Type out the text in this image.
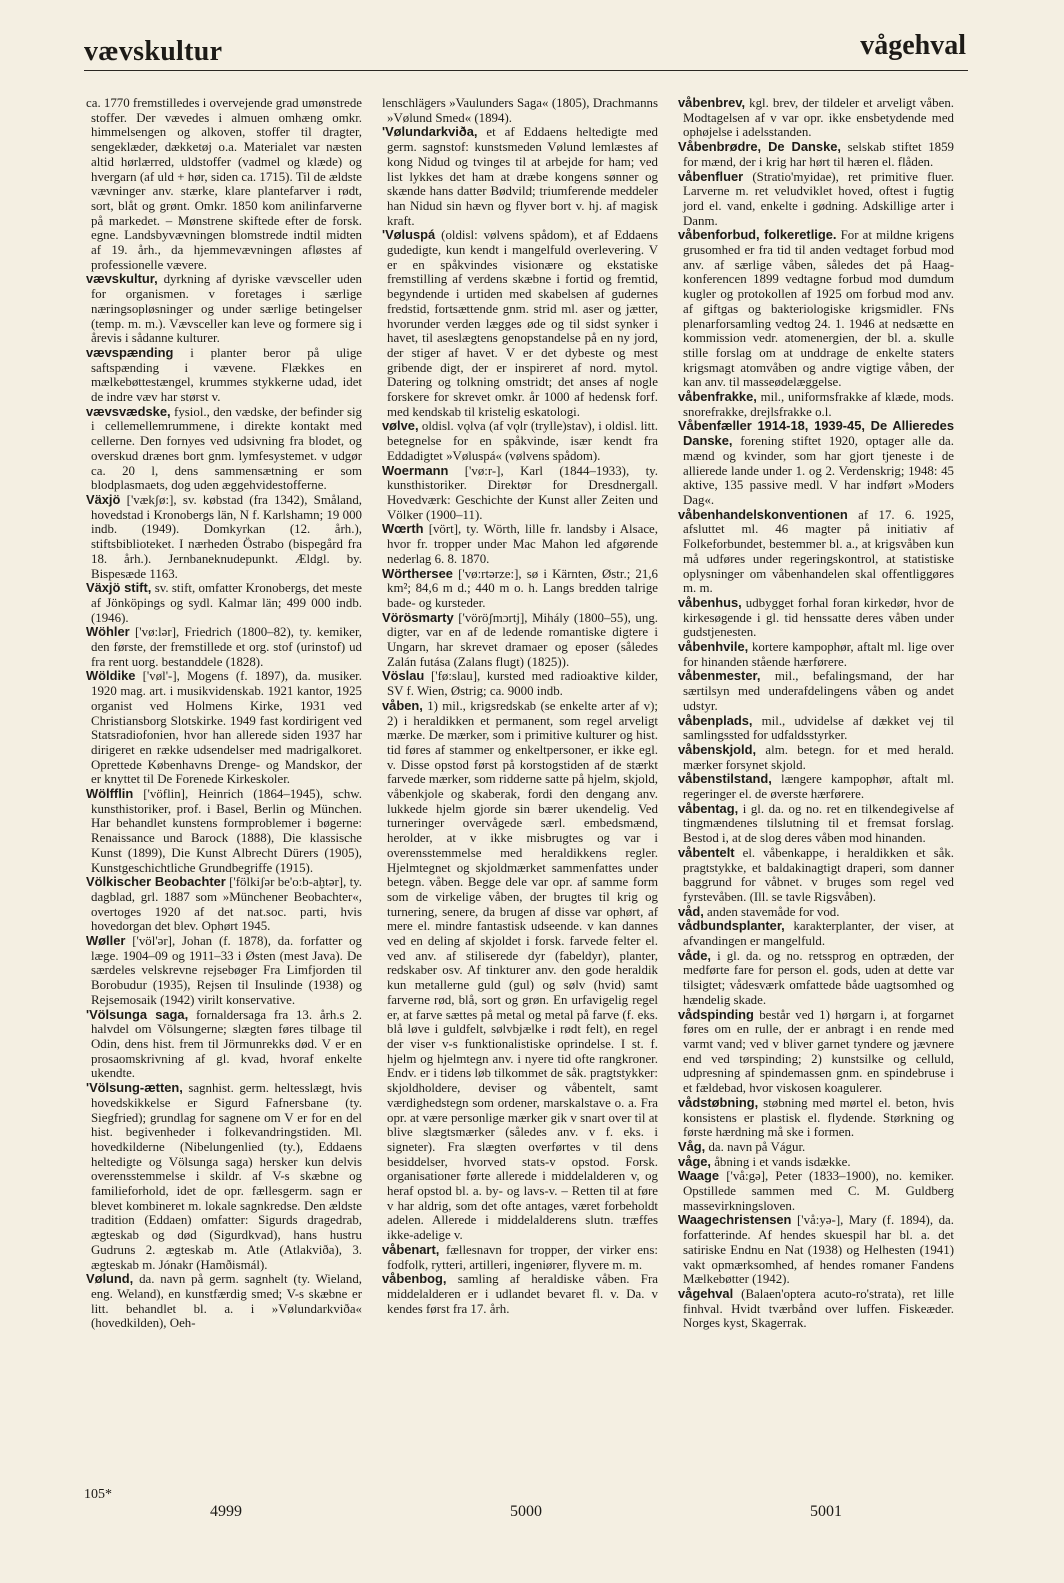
vævskultur	vågehval

ca. 1770 fremstilledes i overvejende grad umønstrede stoffer. Der vævedes i almuen omhæng omkr. himmelsengen og alkoven, stoffer til dragter, sengeklæder, dækketøj o.a. Materialet var næsten altid hørlærred, uldstoffer (vadmel og klæde) og hvergarn (af uld + hør, siden ca. 1715). Til de ældste vævninger anv. stærke, klare plantefarver i rødt, sort, blåt og grønt. Omkr. 1850 kom anilinfarverne på markedet. – Mønstrene skiftede efter de forsk. egne. Landsbyvævningen blomstrede indtil midten af 19. årh., da hjemmevævningen afløstes af professionelle vævere.

vævskultur, dyrkning af dyriske vævsceller uden for organismen. v foretages i særlige næringsopløsninger og under særlige betingelser (temp. m. m.). Vævsceller kan leve og formere sig i årevis i sådanne kulturer.

vævspænding i planter beror på ulige saftspænding i vævene. Flækkes en mælkebøttestængel, krummes stykkerne udad, idet de indre væv har størst v.

vævsvædske, fysiol., den vædske, der befinder sig i cellemellemrummene, i direkte kontakt med cellerne. Den fornyes ved udsivning fra blodet, og overskud drænes bort gnm. lymfesystemet. v udgør ca. 20 l, dens sammensætning er som blodplasmaets, dog uden æggehvidestofferne.

Växjö ['vækʃø:], sv. købstad (fra 1342), Småland, hovedstad i Kronobergs län, N f. Karlshamn; 19 000 indb. (1949). Domkyrkan (12. årh.), stiftsbiblioteket. I nærheden Östrabo (bispegård fra 18. årh.). Jernbaneknudepunkt. Ældgl. by. Bispesæde 1163.

Växjö stift, sv. stift, omfatter Kronobergs, det meste af Jönköpings og sydl. Kalmar län; 499 000 indb. (1946).

Wöhler ['vø:lər], Friedrich (1800–82), ty. kemiker, den første, der fremstillede et org. stof (urinstof) ud fra rent uorg. bestanddele (1828).

Wöldike ['vøl'-], Mogens (f. 1897), da. musiker. 1920 mag. art. i musikvidenskab. 1921 kantor, 1925 organist ved Holmens Kirke, 1931 ved Christiansborg Slotskirke. 1949 fast kordirigent ved Statsradiofonien, hvor han allerede siden 1937 har dirigeret en række udsendelser med madrigalkoret. Oprettede Københavns Drenge- og Mandskor, der er knyttet til De Forenede Kirkeskoler.

Wölfflin ['vöflin], Heinrich (1864–1945), schw. kunsthistoriker, prof. i Basel, Berlin og München. Har behandlet kunstens formproblemer i bøgerne: Renaissance und Barock (1888), Die klassische Kunst (1899), Die Kunst Albrecht Dürers (1905), Kunstgeschichtliche Grundbegriffe (1915).

Völkischer Beobachter ['fölkiʃər be'o:b-aḫtər], ty. dagblad, grl. 1887 som »Münchener Beobachter«, overtoges 1920 af det nat.soc. parti, hvis hovedorgan det blev. Ophørt 1945.

Wøller ['völ'ər], Johan (f. 1878), da. forfatter og læge. 1904–09 og 1911–33 i Østen (mest Java). De særdeles velskrevne rejsebøger Fra Limfjorden til Borobudur (1935), Rejsen til Insulinde (1938) og Rejsemosaik (1942) virilt konservative.

'Völsunga saga, fornaldersaga fra 13. årh.s 2. halvdel om Völsungerne; slægten føres tilbage til Odin, dens hist. frem til Jörmunrekks død. V er en prosaomskrivning af gl. kvad, hvoraf enkelte ukendte.

'Völsung-ætten, sagnhist. germ. heltesslægt, hvis hovedskikkelse er Sigurd Fafnersbane (ty. Siegfried); grundlag for sagnene om V er for en del hist. begivenheder i folkevandringstiden. Ml. hovedkilderne (Nibelungenlied (ty.), Eddaens heltedigte og Völsunga saga) hersker kun delvis overensstemmelse i skildr. af V-s skæbne og familieforhold, idet de opr. fællesgerm. sagn er blevet kombineret m. lokale sagnkredse. Den ældste tradition (Eddaen) omfatter: Sigurds dragedrab, ægteskab og død (Sigurdkvad), hans hustru Gudruns 2. ægteskab m. Atle (Atlakviða), 3. ægteskab m. Jónakr (Hamðismál).

Vølund, da. navn på germ. sagnhelt (ty. Wieland, eng. Weland), en kunstfærdig smed; V-s skæbne er litt. behandlet bl. a. i »Vølundarkviða« (hovedkilden), Oeh-

lenschlägers »Vaulunders Saga« (1805), Drachmanns »Vølund Smed« (1894).

'Vølundarkviða, et af Eddaens heltedigte med germ. sagnstof: kunstsmeden Vølund lemlæstes af kong Nidud og tvinges til at arbejde for ham; ved list lykkes det ham at dræbe kongens sønner og skænde hans datter Bødvild; triumferende meddeler han Nidud sin hævn og flyver bort v. hj. af magisk kraft.

'Vøluspá (oldisl: vølvens spådom), et af Eddaens gudedigte, kun kendt i mangelfuld overlevering. V er en spåkvindes visionære og ekstatiske fremstilling af verdens skæbne i fortid og fremtid, begyndende i urtiden med skabelsen af gudernes fredstid, fortsættende gnm. strid ml. aser og jætter, hvorunder verden lægges øde og til sidst synker i havet, til aseslægtens genopstandelse på en ny jord, der stiger af havet. V er det dybeste og mest gribende digt, der er inspireret af nord. mytol. Datering og tolkning omstridt; det anses af nogle forskere for skrevet omkr. år 1000 af hedensk forf. med kendskab til kristelig eskatologi.

vølve, oldisl. vǫlva (af vǫlr (trylle)stav), i oldisl. litt. betegnelse for en spåkvinde, især kendt fra Eddadigtet »Vøluspá« (vølvens spådom).

Woermann ['vø:r-], Karl (1844–1933), ty. kunsthistoriker. Direktør for Dresdnergall. Hovedværk: Geschichte der Kunst aller Zeiten und Völker (1900–11).

Wœrth [vört], ty. Wörth, lille fr. landsby i Alsace, hvor fr. tropper under Mac Mahon led afgørende nederlag 6. 8. 1870.

Wörthersee ['vø:rtərze:], sø i Kärnten, Østr.; 21,6 km²; 84,6 m d.; 440 m o. h. Langs bredden talrige bade- og kursteder.

Vörösmarty ['vöröʃmɔrtj], Mihály (1800–55), ung. digter, var en af de ledende romantiske digtere i Ungarn, har skrevet dramaer og eposer (således Zalán futása (Zalans flugt) (1825)).

Vöslau ['fø:slau], kursted med radioaktive kilder, SV f. Wien, Østrig; ca. 9000 indb.

våben, 1) mil., krigsredskab (se enkelte arter af v); 2) i heraldikken et permanent, som regel arveligt mærke. De mærker, som i primitive kulturer og hist. tid føres af stammer og enkeltpersoner, er ikke egl. v. Disse opstod først på korstogstiden af de stærkt farvede mærker, som ridderne satte på hjelm, skjold, våbenkjole og skaberak, fordi den dengang anv. lukkede hjelm gjorde sin bærer ukendelig. Ved turneringer overvågede særl. embedsmænd, herolder, at v ikke misbrugtes og var i overensstemmelse med heraldikkens regler. Hjelmtegnet og skjoldmærket sammenfattes under betegn. våben. Begge dele var opr. af samme form som de virkelige våben, der brugtes til krig og turnering, senere, da brugen af disse var ophørt, af mere el. mindre fantastisk udseende. v kan dannes ved en deling af skjoldet i forsk. farvede felter el. ved anv. af stiliserede dyr (fabeldyr), planter, redskaber osv. Af tinkturer anv. den gode heraldik kun metallerne guld (gul) og sølv (hvid) samt farverne rød, blå, sort og grøn. En urfavigelig regel er, at farve sættes på metal og metal på farve (f. eks. blå løve i guldfelt, sølvbjælke i rødt felt), en regel der viser v-s funktionalistiske oprindelse. I st. f. hjelm og hjelmtegn anv. i nyere tid ofte rangkroner. Endv. er i tidens løb tilkommet de såk. pragtstykker: skjoldholdere, deviser og våbentelt, samt værdighedstegn som ordener, marskalstave o. a. Fra opr. at være personlige mærker gik v snart over til at blive slægtsmærker (således anv. v f. eks. i signeter). Fra slægten overførtes v til dens besiddelser, hvorved stats-v opstod. Forsk. organisationer førte allerede i middelalderen v, og heraf opstod bl. a. by- og lavs-v. – Retten til at føre v har aldrig, som det ofte antages, været forbeholdt adelen. Allerede i middelalderens slutn. træffes ikke-adelige v.

våbenart, fællesnavn for tropper, der virker ens: fodfolk, rytteri, artilleri, ingeniører, flyvere m. m.

våbenbog, samling af heraldiske våben. Fra middelalderen er i udlandet bevaret fl. v. Da. v kendes først fra 17. årh.

våbenbrev, kgl. brev, der tildeler et arveligt våben. Modtagelsen af v var opr. ikke ensbetydende med ophøjelse i adelsstanden.

Våbenbrødre, De Danske, selskab stiftet 1859 for mænd, der i krig har hørt til hæren el. flåden.

våbenfluer (Stratio'myidae), ret primitive fluer. Larverne m. ret veludviklet hoved, oftest i fugtig jord el. vand, enkelte i gødning. Adskillige arter i Danm.

våbenforbud, folkeretlige. For at mildne krigens grusomhed er fra tid til anden vedtaget forbud mod anv. af særlige våben, således det på Haag-konferencen 1899 vedtagne forbud mod dumdum kugler og protokollen af 1925 om forbud mod anv. af giftgas og bakteriologiske krigsmidler. FNs plenarforsamling vedtog 24. 1. 1946 at nedsætte en kommission vedr. atomenergien, der bl. a. skulle stille forslag om at unddrage de enkelte staters krigsmagt atomvåben og andre vigtige våben, der kan anv. til masseødelæggelse.

våbenfrakke, mil., uniformsfrakke af klæde, mods. snorefrakke, drejlsfrakke o.l.

Våbenfæller 1914-18, 1939-45, De Allieredes Danske, forening stiftet 1920, optager alle da. mænd og kvinder, som har gjort tjeneste i de allierede lande under 1. og 2. Verdenskrig; 1948: 45 aktive, 135 passive medl. V har indført »Moders Dag«.

våbenhandelskonventionen af 17. 6. 1925, afsluttet ml. 46 magter på initiativ af Folkeforbundet, bestemmer bl. a., at krigsvåben kun må udføres under regeringskontrol, at statistiske oplysninger om våbenhandelen skal offentliggøres m. m.

våbenhus, udbygget forhal foran kirkedør, hvor de kirkesøgende i gl. tid henssatte deres våben under gudstjenesten.

våbenhvile, kortere kampophør, aftalt ml. lige over for hinanden stående hærførere.

våbenmester, mil., befalingsmand, der har særtilsyn med underafdelingens våben og andet udstyr.

våbenplads, mil., udvidelse af dækket vej til samlingssted for udfaldsstyrker.

våbenskjold, alm. betegn. for et med herald. mærker forsynet skjold.

våbenstilstand, længere kampophør, aftalt ml. regeringer el. de øverste hærførere.

våbentag, i gl. da. og no. ret en tilkendegivelse af tingmændenes tilslutning til et fremsat forslag. Bestod i, at de slog deres våben mod hinanden.

våbentelt el. våbenkappe, i heraldikken et såk. pragtstykke, et baldakinagtigt draperi, som danner baggrund for våbnet. v bruges som regel ved fyrstevåben. (Ill. se tavle Rigsvåben).

våd, anden stavemåde for vod.

vådbundsplanter, karakterplanter, der viser, at afvandingen er mangelfuld.

våde, i gl. da. og no. retssprog en optræden, der medførte fare for person el. gods, uden at dette var tilsigtet; vådesværk omfattede både uagtsomhed og hændelig skade.

vådspinding består ved 1) hørgarn i, at forgarnet føres om en rulle, der er anbragt i en rende med varmt vand; ved v bliver garnet tyndere og jævnere end ved tørspinding; 2) kunstsilke og celluld, udpresning af spindemassen gnm. en spindebruse i et fældebad, hvor viskosen koagulerer.

vådstøbning, støbning med mørtel el. beton, hvis konsistens er plastisk el. flydende. Størkning og første hærdning må ske i formen.

Våg, da. navn på Vágur.

våge, åbning i et vands isdække.

Waage ['vå:gə], Peter (1833–1900), no. kemiker. Opstillede sammen med C. M. Guldberg massevirkningsloven.

Waagechristensen ['vå:yə-], Mary (f. 1894), da. forfatterinde. Af hendes skuespil har bl. a. det satiriske Endnu en Nat (1938) og Helhesten (1941) vakt opmærksomhed, af hendes romaner Fandens Mælkebøtter (1942).

vågehval (Balaen'optera acuto-ro'strata), ret lille finhval. Hvidt tværbånd over luffen. Fiskeæder. Norges kyst, Skagerrak.

105*
4999	5000	5001
